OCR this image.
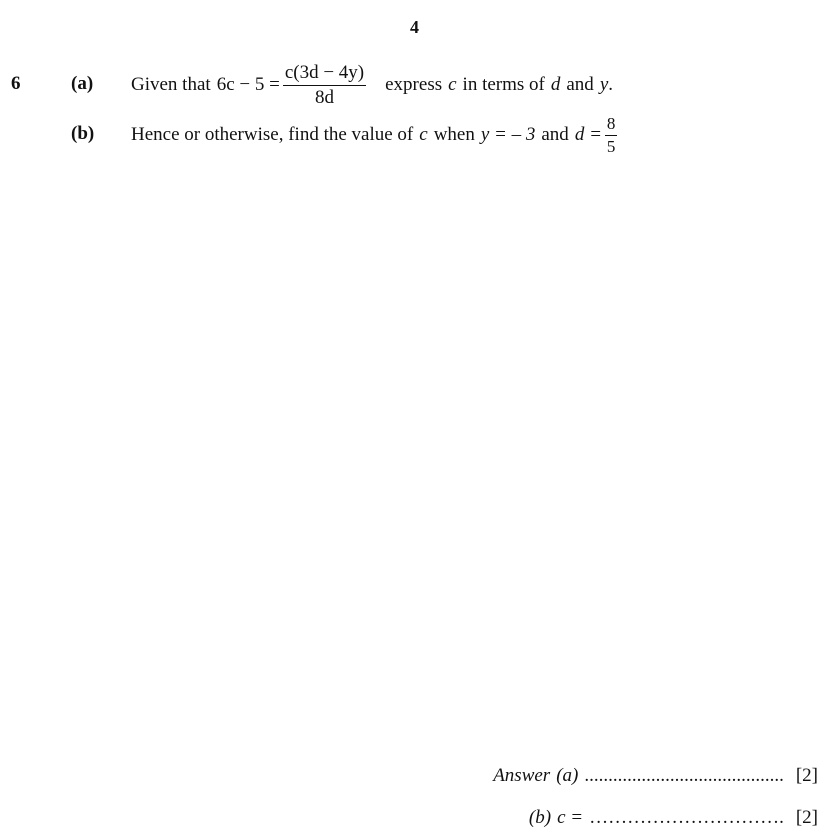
4
6	(a) Given that $6c - 5 = \frac{c(3d - 4y)}{8d}$ express c in terms of d and y .
(b) Hence or otherwise, find the value of c when y = – 3 and $d = \frac{8}{5}$
Answer (a) .......................................... [2]
(b) c = …………………………. [2]
